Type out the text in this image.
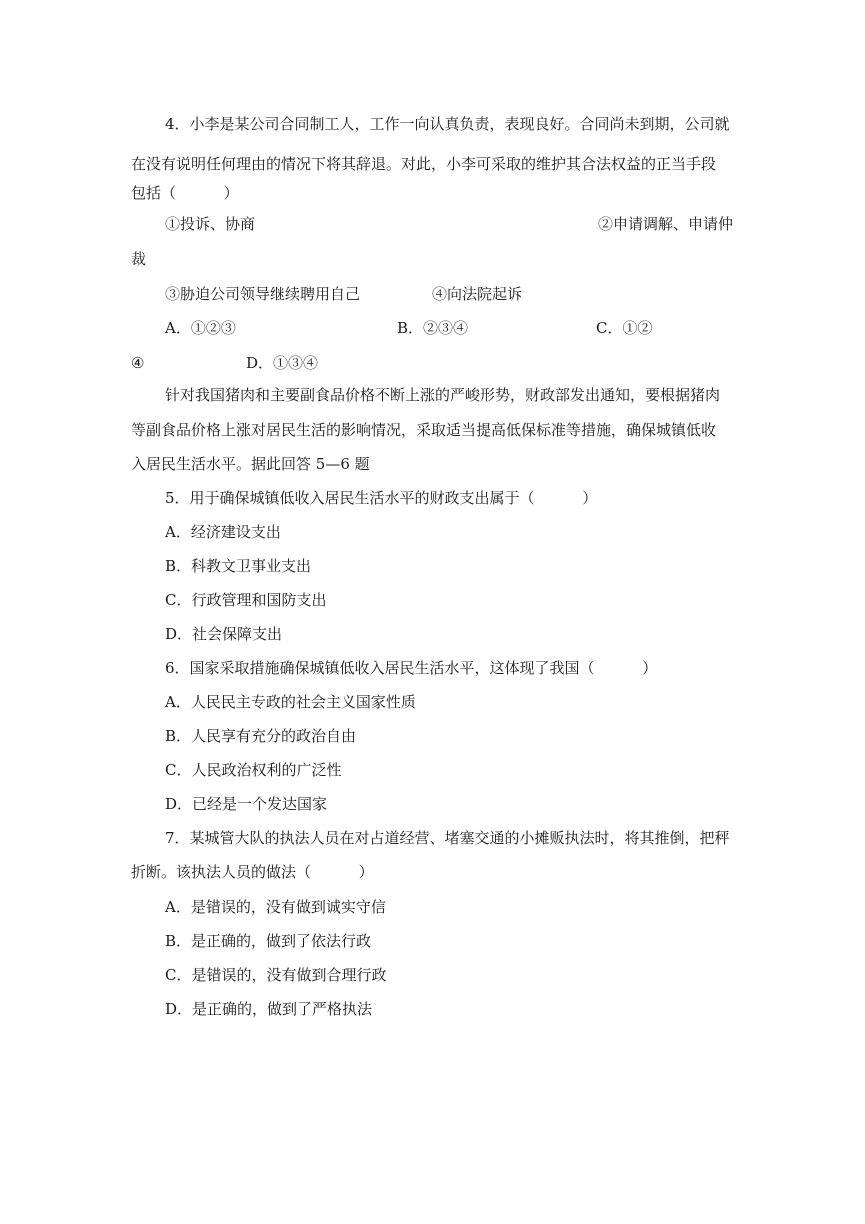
4．小李是某公司合同制工人，工作一向认真负责，表现良好。合同尚未到期，公司就
在没有说明任何理由的情况下将其辞退。对此，小李可采取的维护其合法权益的正当手段
包括（          ）
①投诉、协商	②申请调解、申请仲
裁
③胁迫公司领导继续聘用自己	④向法院起诉
A．①②③	B．②③④	C．①②
④	D．①③④
针对我国猪肉和主要副食品价格不断上涨的严峻形势，财政部发出通知，要根据猪肉
等副食品价格上涨对居民生活的影响情况，采取适当提高低保标准等措施，确保城镇低收
入居民生活水平。据此回答 5—6 题
5．用于确保城镇低收入居民生活水平的财政支出属于（          ）
A．经济建设支出
B．科教文卫事业支出
C．行政管理和国防支出
D．社会保障支出
6．国家采取措施确保城镇低收入居民生活水平，这体现了我国（          ）
A．人民民主专政的社会主义国家性质
B．人民享有充分的政治自由
C．人民政治权利的广泛性
D．已经是一个发达国家
7．某城管大队的执法人员在对占道经营、堵塞交通的小摊贩执法时，将其推倒，把秤
折断。该执法人员的做法（          ）
A．是错误的，没有做到诚实守信
B．是正确的，做到了依法行政
C．是错误的，没有做到合理行政
D．是正确的，做到了严格执法
